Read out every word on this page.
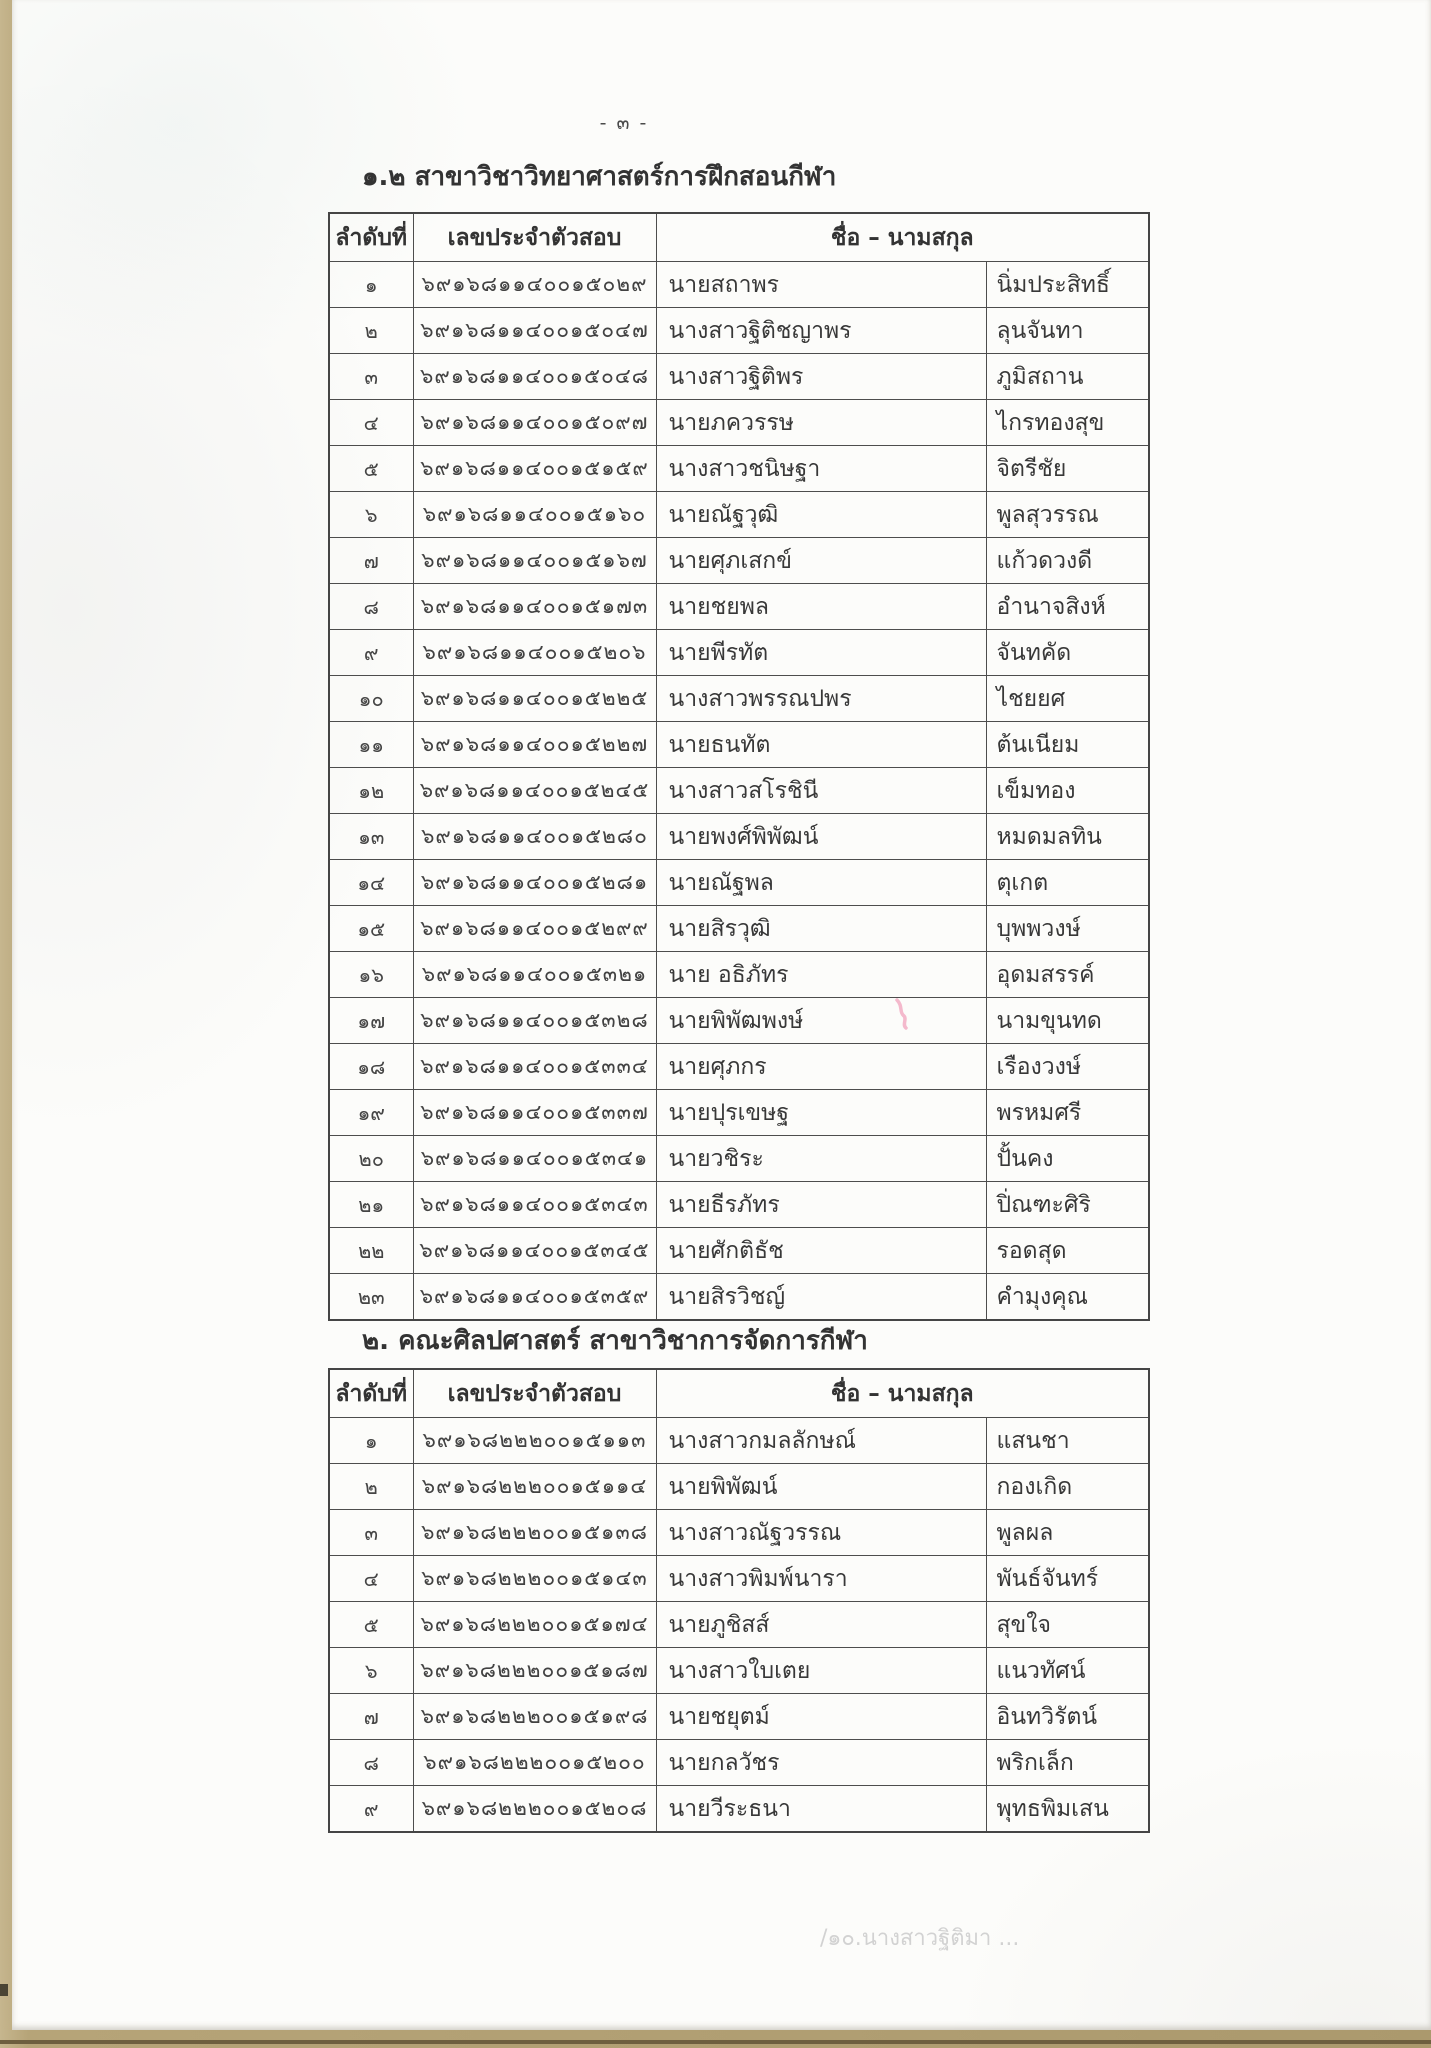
- ๓ -
๑.๒ สาขาวิชาวิทยาศาสตร์การฝึกสอนกีฬา
ลำดับที่	เลขประจำตัวสอบ	ชื่อ – นามสกุล	
๑	๖๙๑๖๘๑๑๔๐๐๑๕๐๒๙	นายสถาพร	นิ่มประสิทธิ์
๒	๖๙๑๖๘๑๑๔๐๐๑๕๐๔๗	นางสาวฐิติชญาพร	ลุนจันทา
๓	๖๙๑๖๘๑๑๔๐๐๑๕๐๔๘	นางสาวฐิติพร	ภูมิสถาน
๔	๖๙๑๖๘๑๑๔๐๐๑๕๐๙๗	นายภควรรษ	ไกรทองสุข
๕	๖๙๑๖๘๑๑๔๐๐๑๕๑๕๙	นางสาวชนิษฐา	จิตรีชัย
๖	๖๙๑๖๘๑๑๔๐๐๑๕๑๖๐	นายณัฐวุฒิ	พูลสุวรรณ
๗	๖๙๑๖๘๑๑๔๐๐๑๕๑๖๗	นายศุภเสกข์	แก้วดวงดี
๘	๖๙๑๖๘๑๑๔๐๐๑๕๑๗๓	นายชยพล	อำนาจสิงห์
๙	๖๙๑๖๘๑๑๔๐๐๑๕๒๐๖	นายพีรทัต	จันทคัด
๑๐	๖๙๑๖๘๑๑๔๐๐๑๕๒๒๕	นางสาวพรรณปพร	ไชยยศ
๑๑	๖๙๑๖๘๑๑๔๐๐๑๕๒๒๗	นายธนทัต	ต้นเนียม
๑๒	๖๙๑๖๘๑๑๔๐๐๑๕๒๔๕	นางสาวสโรชินี	เข็มทอง
๑๓	๖๙๑๖๘๑๑๔๐๐๑๕๒๘๐	นายพงศ์พิพัฒน์	หมดมลทิน
๑๔	๖๙๑๖๘๑๑๔๐๐๑๕๒๘๑	นายณัฐพล	ตุเกต
๑๕	๖๙๑๖๘๑๑๔๐๐๑๕๒๙๙	นายสิรวุฒิ	บุพพวงษ์
๑๖	๖๙๑๖๘๑๑๔๐๐๑๕๓๒๑	นาย อธิภัทร	อุดมสรรค์
๑๗	๖๙๑๖๘๑๑๔๐๐๑๕๓๒๘	นายพิพัฒพงษ์	นามขุนทด
๑๘	๖๙๑๖๘๑๑๔๐๐๑๕๓๓๔	นายศุภกร	เรืองวงษ์
๑๙	๖๙๑๖๘๑๑๔๐๐๑๕๓๓๗	นายปุรเขษฐ	พรหมศรี
๒๐	๖๙๑๖๘๑๑๔๐๐๑๕๓๔๑	นายวชิระ	ปั้นคง
๒๑	๖๙๑๖๘๑๑๔๐๐๑๕๓๔๓	นายธีรภัทร	ปิ่ณฑะศิริ
๒๒	๖๙๑๖๘๑๑๔๐๐๑๕๓๔๕	นายศักติธัช	รอดสุด
๒๓	๖๙๑๖๘๑๑๔๐๐๑๕๓๕๙	นายสิรวิชญ์	คำมุงคุณ
๒. คณะศิลปศาสตร์ สาขาวิชาการจัดการกีฬา
ลำดับที่	เลขประจำตัวสอบ	ชื่อ – นามสกุล	
๑	๖๙๑๖๘๒๒๒๐๐๑๕๑๑๓	นางสาวกมลลักษณ์	แสนชา
๒	๖๙๑๖๘๒๒๒๐๐๑๕๑๑๔	นายพิพัฒน์	กองเกิด
๓	๖๙๑๖๘๒๒๒๐๐๑๕๑๓๘	นางสาวณัฐวรรณ	พูลผล
๔	๖๙๑๖๘๒๒๒๐๐๑๕๑๔๓	นางสาวพิมพ์นารา	พันธ์จันทร์
๕	๖๙๑๖๘๒๒๒๐๐๑๕๑๗๔	นายภูชิสส์	สุขใจ
๖	๖๙๑๖๘๒๒๒๐๐๑๕๑๘๗	นางสาวใบเตย	แนวทัศน์
๗	๖๙๑๖๘๒๒๒๐๐๑๕๑๙๘	นายชยุตม์	อินทวิรัตน์
๘	๖๙๑๖๘๒๒๒๐๐๑๕๒๐๐	นายกลวัชร	พริกเล็ก
๙	๖๙๑๖๘๒๒๒๐๐๑๕๒๐๘	นายวีระธนา	พุทธพิมเสน
/๑๐.นางสาวฐิติมา ...
